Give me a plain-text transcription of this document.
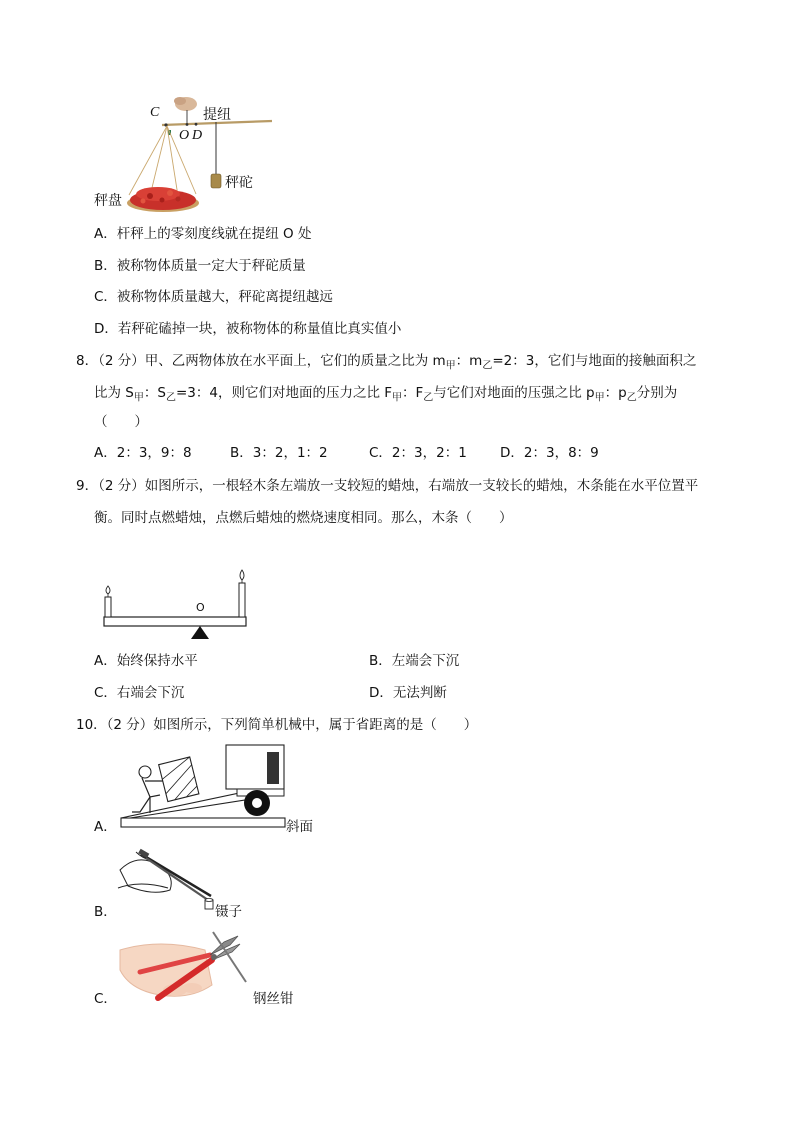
C
O D
提纽
秤砣
秤盘
A．杆秤上的零刻度线就在提纽 O 处
B．被称物体质量一定大于秤砣质量
C．被称物体质量越大，秤砣离提纽越远
D．若秤砣磕掉一块，被称物体的称量值比真实值小
8．（2 分）甲、乙两物体放在水平面上，它们的质量之比为 $m_甲$：$m_乙=2$：3，它们与地面的接触面积之
比为 $S_甲$：$S_乙=3$：4，则它们对地面的压力之比 $F_甲$：$F_乙$与它们对地面的压强之比 $p_甲$：$p_乙$分别为
（　　）
A．2：3，9：8	B．3：2，1：2	C．2：3，2：1 D．2：3，8：9
9．（2 分）如图所示，一根轻木条左端放一支较短的蜡烛，右端放一支较长的蜡烛，木条能在水平位置平
衡。同时点燃蜡烛，点燃后蜡烛的燃烧速度相同。那么，木条（　　）
O
A．始终保持水平	B．左端会下沉
C．右端会下沉	D．无法判断
10．（2 分）如图所示，下列简单机械中，属于省距离的是（　　）
A．	斜面
B．	镊子
C．	钢丝钳
